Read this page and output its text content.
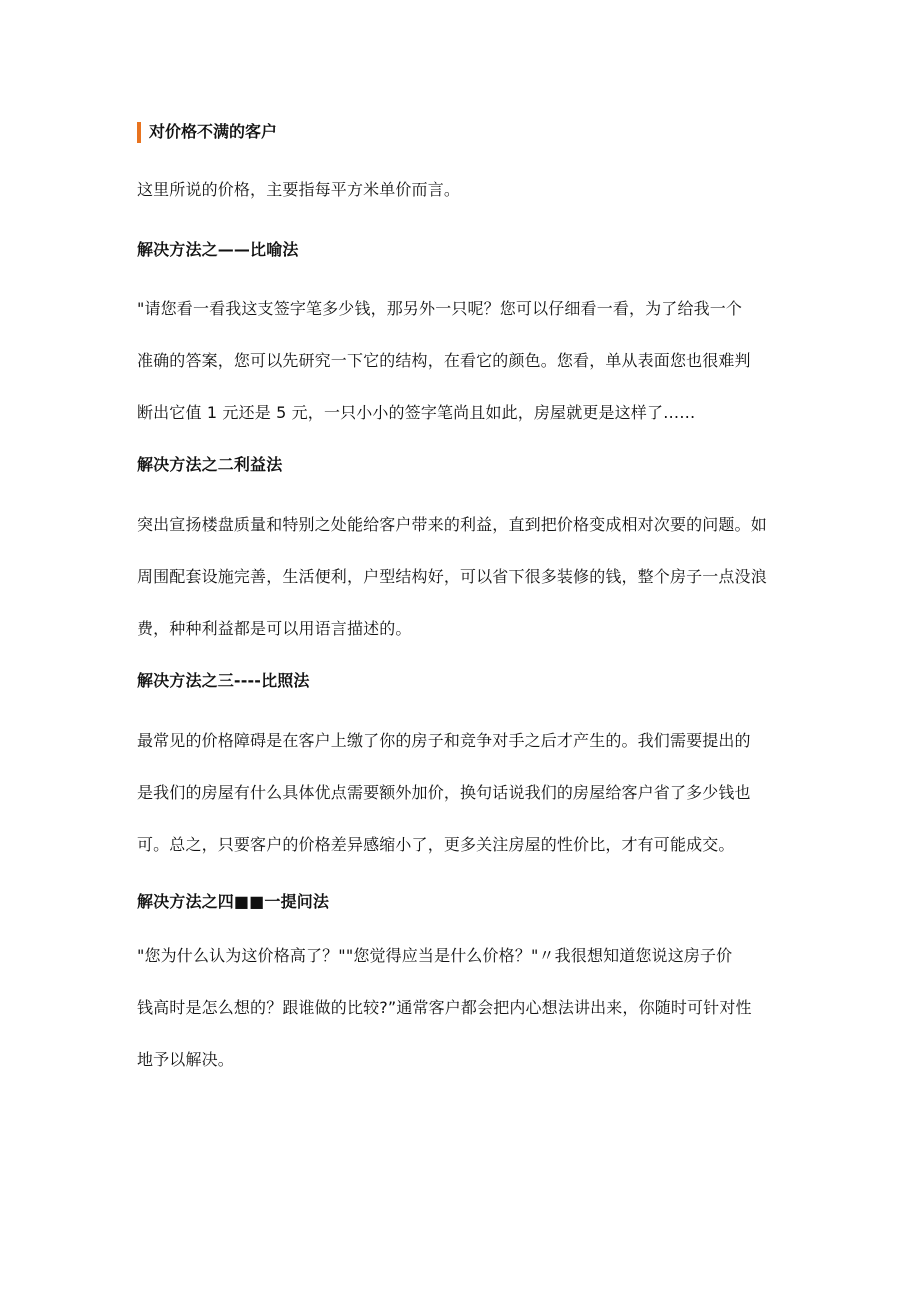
对价格不满的客户
这里所说的价格，主要指每平方米单价而言。
解决方法之——比喻法
"请您看一看我这支签字笔多少钱，那另外一只呢？您可以仔细看一看，为了给我一个
准确的答案，您可以先研究一下它的结构，在看它的颜色。您看，单从表面您也很难判
断出它值 1 元还是 5 元，一只小小的签字笔尚且如此，房屋就更是这样了……
解决方法之二利益法
突出宣扬楼盘质量和特别之处能给客户带来的利益，直到把价格变成相对次要的问题。如
周围配套设施完善，生活便利，户型结构好，可以省下很多装修的钱，整个房子一点没浪
费，种种利益都是可以用语言描述的。
解决方法之三----比照法
最常见的价格障碍是在客户上缴了你的房子和竞争对手之后才产生的。我们需要提出的
是我们的房屋有什么具体优点需要额外加价，换句话说我们的房屋给客户省了多少钱也
可。总之，只要客户的价格差异感缩小了，更多关注房屋的性价比，才有可能成交。
解决方法之四■■一提问法
"您为什么认为这价格高了？""您觉得应当是什么价格？"〃我很想知道您说这房子价
钱高时是怎么想的？跟谁做的比较?”通常客户都会把内心想法讲出来，你随时可针对性
地予以解决。
